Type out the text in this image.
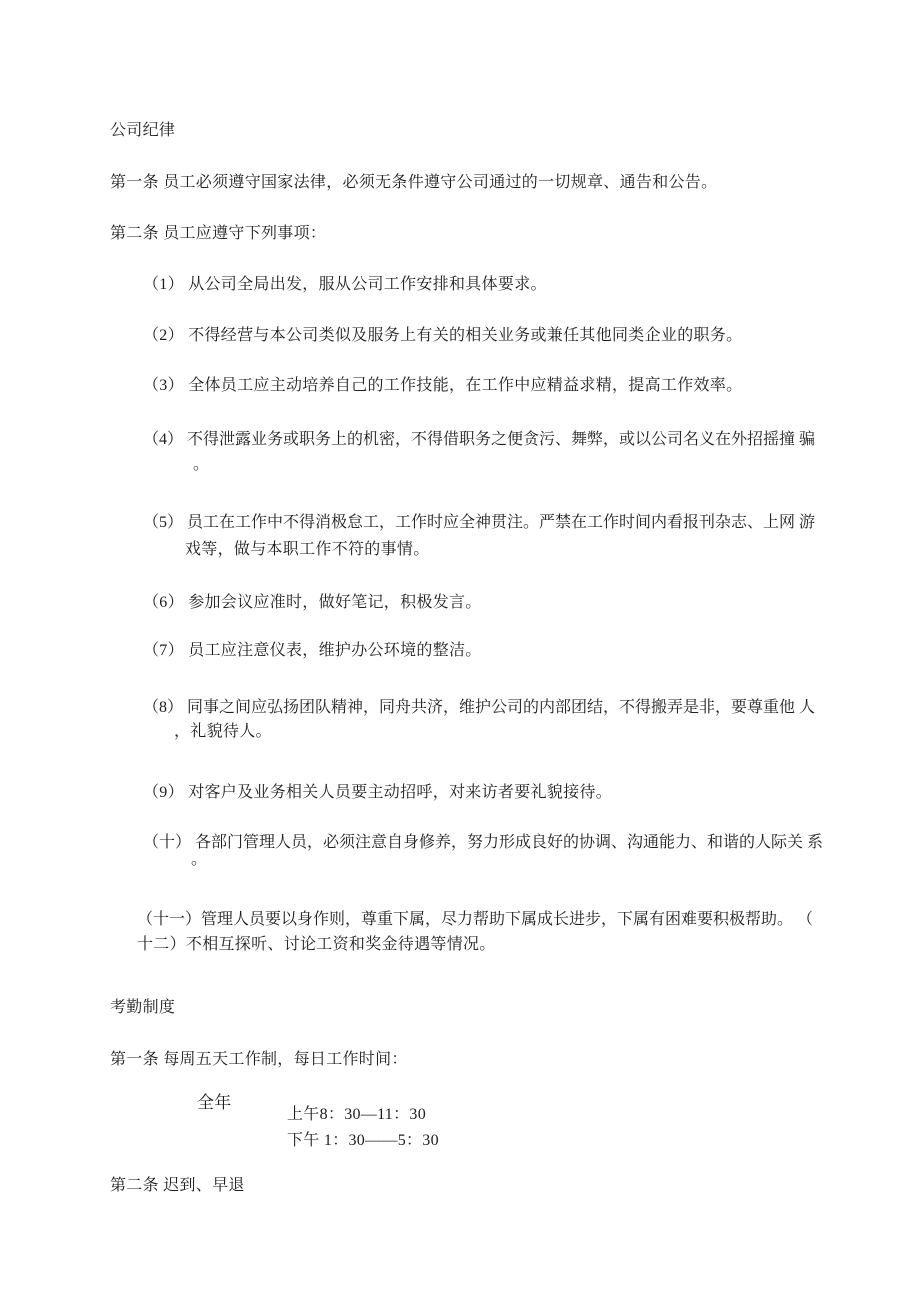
公司纪律
第一条 员工必须遵守国家法律，必须无条件遵守公司通过的一切规章、通告和公告。
第二条 员工应遵守下列事项：
（1） 从公司全局出发，服从公司工作安排和具体要求。
（2） 不得经营与本公司类似及服务上有关的相关业务或兼任其他同类企业的职务。
（3） 全体员工应主动培养自己的工作技能，在工作中应精益求精，提高工作效率。
（4） 不得泄露业务或职务上的机密，不得借职务之便贪污、舞弊，或以公司名义在外招摇撞 骗
。
（5） 员工在工作中不得消极怠工，工作时应全神贯注。严禁在工作时间内看报刊杂志、上网 游
戏等，做与本职工作不符的事情。
（6） 参加会议应准时，做好笔记，积极发言。
（7） 员工应注意仪表，维护办公环境的整洁。
（8） 同事之间应弘扬团队精神，同舟共济，维护公司的内部团结，不得搬弄是非，要尊重他 人
，礼貌待人。
（9） 对客户及业务相关人员要主动招呼，对来访者要礼貌接待。
（十） 各部门管理人员，必须注意自身修养，努力形成良好的协调、沟通能力、和谐的人际关 系
。
（十一）管理人员要以身作则，尊重下属，尽力帮助下属成长进步，下属有困难要积极帮助。 （
十二）不相互探听、讨论工资和奖金待遇等情况。
考勤制度
第一条 每周五天工作制，每日工作时间：
全年
上午8：30—11：30
下午 1：30——5：30
第二条 迟到、早退
